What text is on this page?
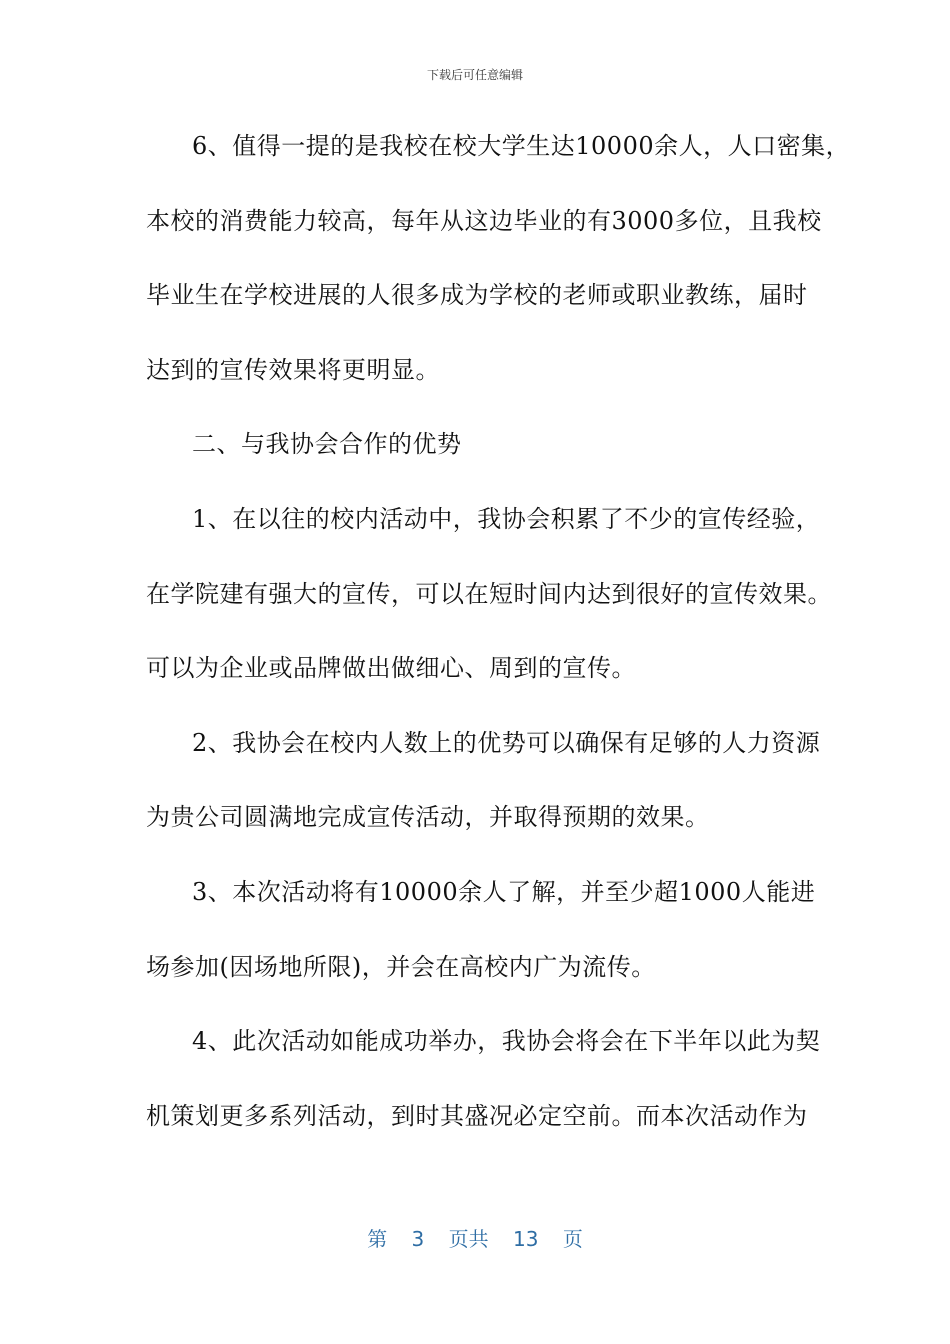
下载后可任意编辑
6、值得一提的是我校在校大学生达10000余人，人口密集，
本校的消费能力较高，每年从这边毕业的有3000多位，且我校
毕业生在学校进展的人很多成为学校的老师或职业教练，届时
达到的宣传效果将更明显。
二、与我协会合作的优势
1、在以往的校内活动中，我协会积累了不少的宣传经验，
在学院建有强大的宣传，可以在短时间内达到很好的宣传效果。
可以为企业或品牌做出做细心、周到的宣传。
2、我协会在校内人数上的优势可以确保有足够的人力资源
为贵公司圆满地完成宣传活动，并取得预期的效果。
3、本次活动将有10000余人了解，并至少超1000人能进
场参加(因场地所限)，并会在高校内广为流传。
4、此次活动如能成功举办，我协会将会在下半年以此为契
机策划更多系列活动，到时其盛况必定空前。而本次活动作为
第 3 页共 13 页
